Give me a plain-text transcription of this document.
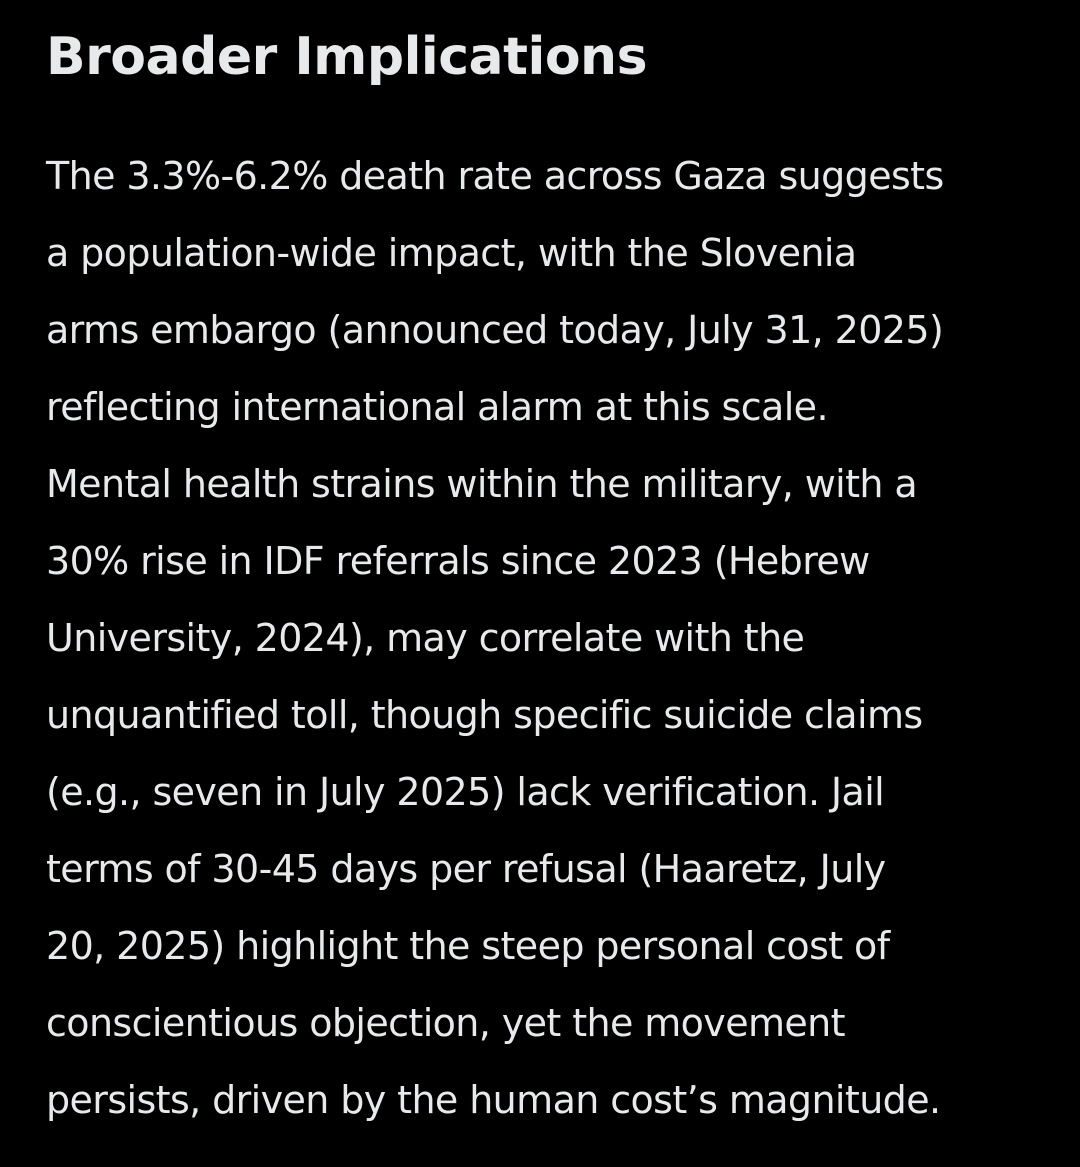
Broader Implications
The 3.3%-6.2% death rate across Gaza suggests
a population-wide impact, with the Slovenia
arms embargo (announced today, July 31, 2025)
reflecting international alarm at this scale.
Mental health strains within the military, with a
30% rise in IDF referrals since 2023 (Hebrew
University, 2024), may correlate with the
unquantified toll, though specific suicide claims
(e.g., seven in July 2025) lack verification. Jail
terms of 30-45 days per refusal (Haaretz, July
20, 2025) highlight the steep personal cost of
conscientious objection, yet the movement
persists, driven by the human cost’s magnitude.
